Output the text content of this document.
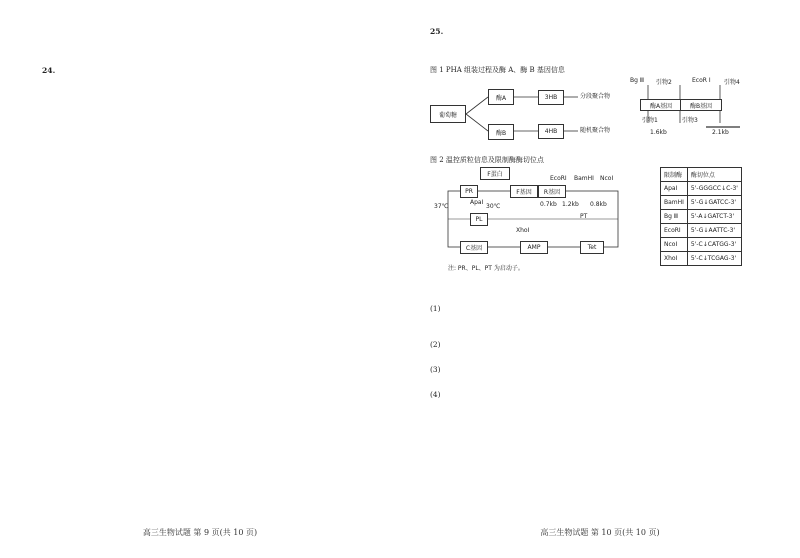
24.

高三生物试题 第 9 页(共 10 页)

25.

图 1 PHA 组装过程及酶 A、酶 B 基因信息

葡萄糖
酶A
酶B
3HB
4HB
分段聚合物
随机聚合物
Bg Ⅲ 引物2	EcoR Ⅰ 引物4
酶A基因	酶B基因
引物1	引物3
1.6kb	2.1kb

图 2 温控质粒信息及限制酶酶切位点

F蛋白
PR	F基因	R基因
C基因
PL
AMP	Tet
EcoRⅠ BamHⅠ NcoⅠ
XhoⅠ
ApaⅠ
37℃	30℃	0.7kb 1.2kb 0.8kb
PT
注: PR、PL、PT 为启动子。
限制酶	酶切位点
ApaⅠ	5'-GGGCC↓C-3'
BamHⅠ	5'-G↓GATCC-3'
Bg Ⅲ	5'-A↓GATCT-3'
EcoRⅠ	5'-G↓AATTC-3'
NcoⅠ	5'-C↓CATGG-3'
XhoⅠ	5'-C↓TCGAG-3'

(1)

(2)

(3)

(4)

高三生物试题 第 10 页(共 10 页)
